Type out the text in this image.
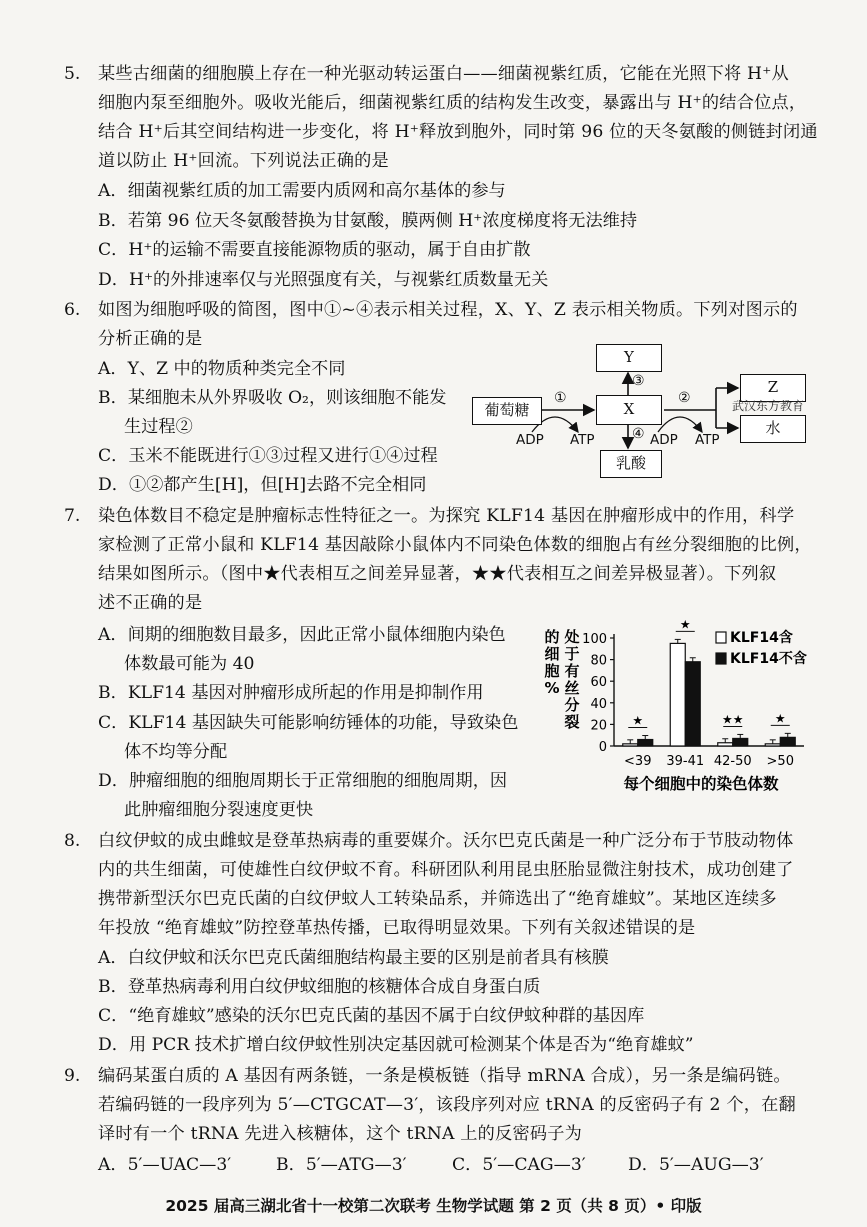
5. 某些古细菌的细胞膜上存在一种光驱动转运蛋白——细菌视紫红质，它能在光照下将 H⁺从
细胞内泵至细胞外。吸收光能后，细菌视紫红质的结构发生改变，暴露出与 H⁺的结合位点，
结合 H⁺后其空间结构进一步变化，将 H⁺释放到胞外，同时第 96 位的天冬氨酸的侧链封闭通
道以防止 H⁺回流。下列说法正确的是
A．细菌视紫红质的加工需要内质网和高尔基体的参与
B．若第 96 位天冬氨酸替换为甘氨酸，膜两侧 H⁺浓度梯度将无法维持
C．H⁺的运输不需要直接能源物质的驱动，属于自由扩散
D．H⁺的外排速率仅与光照强度有关，与视紫红质数量无关
6. 如图为细胞呼吸的简图，图中①~④表示相关过程，X、Y、Z 表示相关物质。下列对图示的
分析正确的是
A．Y、Z 中的物质种类完全不同
B．某细胞未从外界吸收 O₂，则该细胞不能发
生过程②
C．玉米不能既进行①③过程又进行①④过程
D．①②都产生[H]，但[H]去路不完全相同
葡萄糖	X
Y
乳酸
Z
水
①	②
③
④
ADP ATP	ADP ATP
武汉东方教育
7. 染色体数目不稳定是肿瘤标志性特征之一。为探究 KLF14 基因在肿瘤形成中的作用，科学
家检测了正常小鼠和 KLF14 基因敲除小鼠体内不同染色体数的细胞占有丝分裂细胞的比例，
结果如图所示。（图中★代表相互之间差异显著，★★代表相互之间差异极显著）。下列叙
述不正确的是
A．间期的细胞数目最多，因此正常小鼠体细胞内染色
体数最可能为 40
B．KLF14 基因对肿瘤形成所起的作用是抑制作用
C．KLF14 基因缺失可能影响纺锤体的功能，导致染色
体不均等分配
D．肿瘤细胞的细胞周期长于正常细胞的细胞周期，因
此肿瘤细胞分裂速度更快
处
于
有
丝
分
裂
的
细
胞
%
0
20
40
60
80
100
★
<39
★
39-41
★★
42-50
★
>50
每个细胞中的染色体数
KLF14含
KLF14不含
8. 白纹伊蚊的成虫雌蚊是登革热病毒的重要媒介。沃尔巴克氏菌是一种广泛分布于节肢动物体
内的共生细菌，可使雄性白纹伊蚊不育。科研团队利用昆虫胚胎显微注射技术，成功创建了
携带新型沃尔巴克氏菌的白纹伊蚊人工转染品系，并筛选出了“绝育雄蚊”。某地区连续多
年投放 “绝育雄蚊”防控登革热传播，已取得明显效果。下列有关叙述错误的是
A．白纹伊蚊和沃尔巴克氏菌细胞结构最主要的区别是前者具有核膜
B．登革热病毒利用白纹伊蚊细胞的核糖体合成自身蛋白质
C．“绝育雄蚊”感染的沃尔巴克氏菌的基因不属于白纹伊蚊种群的基因库
D．用 PCR 技术扩增白纹伊蚊性别决定基因就可检测某个体是否为“绝育雄蚊”
9. 编码某蛋白质的 A 基因有两条链，一条是模板链（指导 mRNA 合成），另一条是编码链。
若编码链的一段序列为 5′—CTGCAT—3′，该段序列对应 tRNA 的反密码子有 2 个，在翻
译时有一个 tRNA 先进入核糖体，这个 tRNA 上的反密码子为
A．5′—UAC—3′	B．5′—ATG—3′	C．5′—CAG—3′ D．5′—AUG—3′
2025 届高三湖北省十一校第二次联考 生物学试题 第 2 页（共 8 页）• 印版
